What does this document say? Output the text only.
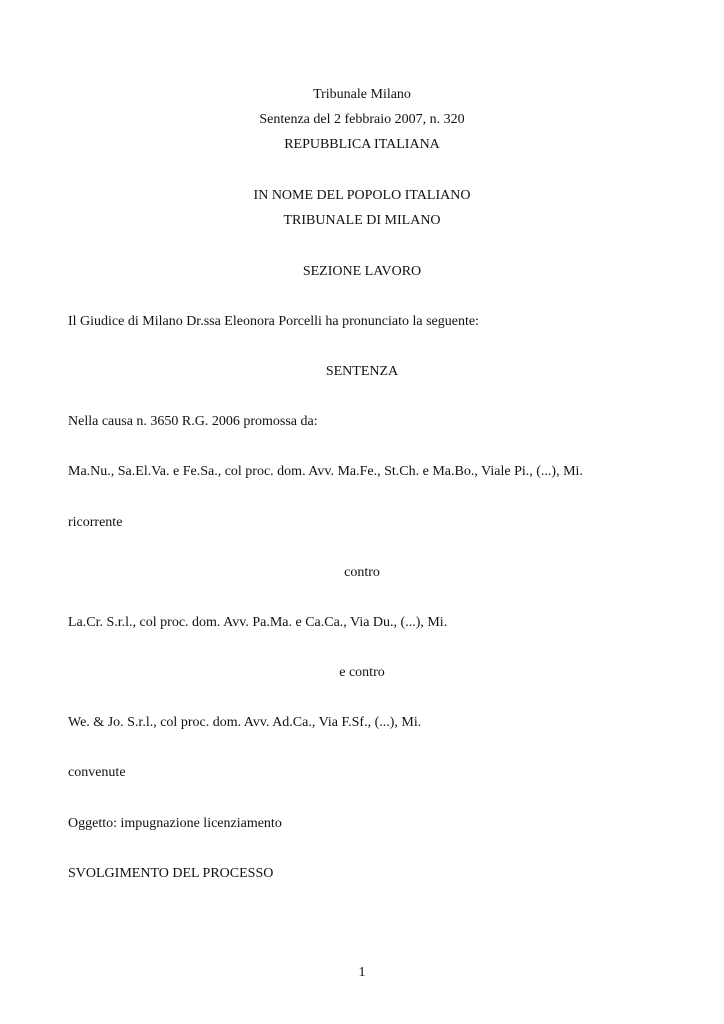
Tribunale Milano
Sentenza del 2 febbraio 2007, n. 320
REPUBBLICA ITALIANA
IN NOME DEL POPOLO ITALIANO
TRIBUNALE DI MILANO
SEZIONE LAVORO
Il Giudice di Milano Dr.ssa Eleonora Porcelli ha pronunciato la seguente:
SENTENZA
Nella causa n. 3650 R.G. 2006 promossa da:
Ma.Nu., Sa.El.Va. e Fe.Sa., col proc. dom. Avv. Ma.Fe., St.Ch. e Ma.Bo., Viale Pi., (...), Mi.
ricorrente
contro
La.Cr. S.r.l., col proc. dom. Avv. Pa.Ma. e Ca.Ca., Via Du., (...), Mi.
e contro
We. & Jo. S.r.l., col proc. dom. Avv. Ad.Ca., Via F.Sf., (...), Mi.
convenute
Oggetto: impugnazione licenziamento
SVOLGIMENTO DEL PROCESSO
1
